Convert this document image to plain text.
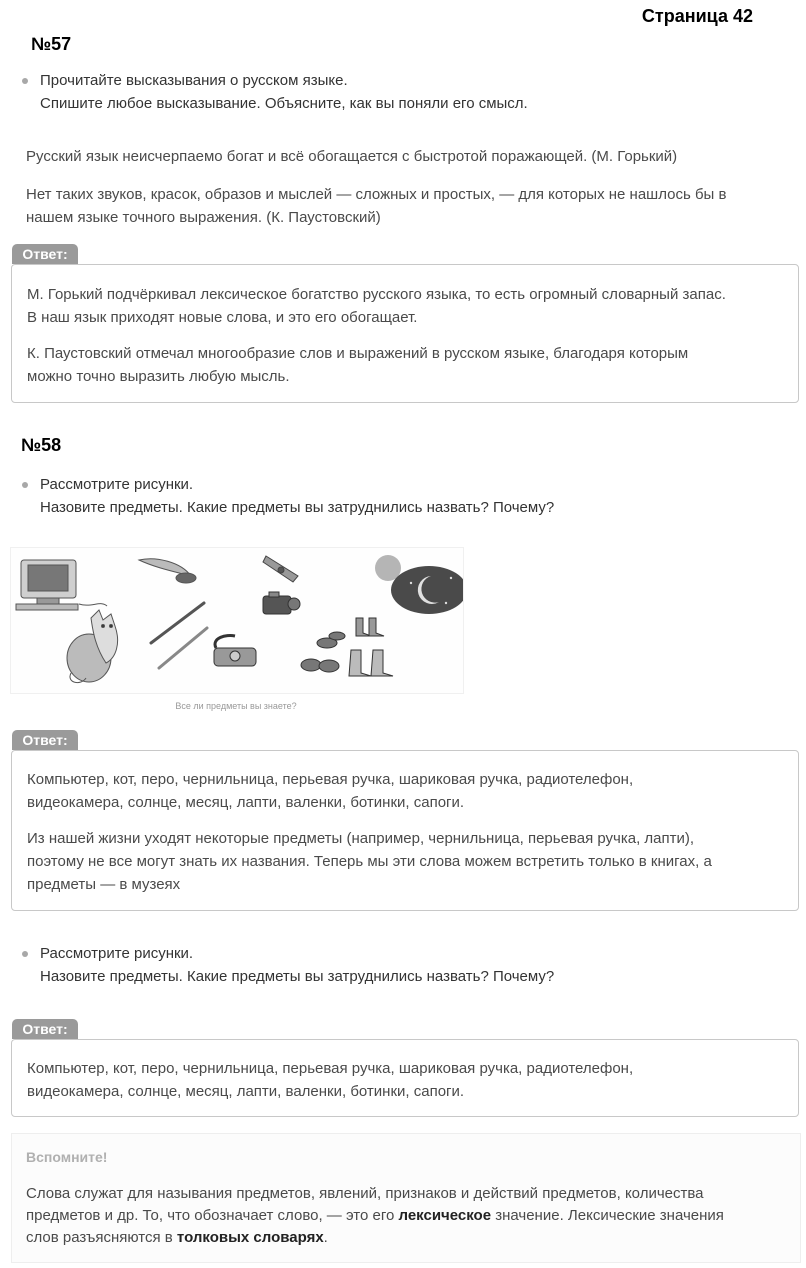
Страница 42
№57
Прочитайте высказывания о русском языке.
Спишите любое высказывание. Объясните, как вы поняли его смысл.
Русский язык неисчерпаемо богат и всё обогащается с быстротой поражающей. (М. Горький)
Нет таких звуков, красок, образов и мыслей — сложных и простых, — для которых не нашлось бы в
нашем языке точного выражения. (К. Паустовский)
Ответ:

М. Горький подчёркивал лексическое богатство русского языка, то есть огромный словарный запас.
В наш язык приходят новые слова, и это его обогащает.

К. Паустовский отмечал многообразие слов и выражений в русском языке, благодаря которым
можно точно выразить любую мысль.

№58
Рассмотрите рисунки.
Назовите предметы. Какие предметы вы затруднились назвать? Почему?
Все ли предметы вы знаете?
Ответ:

Компьютер, кот, перо, чернильница, перьевая ручка, шариковая ручка, радиотелефон,
видеокамера, солнце, месяц, лапти, валенки, ботинки, сапоги.

Из нашей жизни уходят некоторые предметы (например, чернильница, перьевая ручка, лапти),
поэтому не все могут знать их названия. Теперь мы эти слова можем встретить только в книгах, а
предметы — в музеях

Рассмотрите рисунки.
Назовите предметы. Какие предметы вы затруднились назвать? Почему?
Ответ:

Компьютер, кот, перо, чернильница, перьевая ручка, шариковая ручка, радиотелефон,
видеокамера, солнце, месяц, лапти, валенки, ботинки, сапоги.

Вспомните!
Слова служат для называния предметов, явлений, признаков и действий предметов, количества
предметов и др. То, что обозначает слово, — это его лексическое значение. Лексические значения
слов разъясняются в толковых словарях.
